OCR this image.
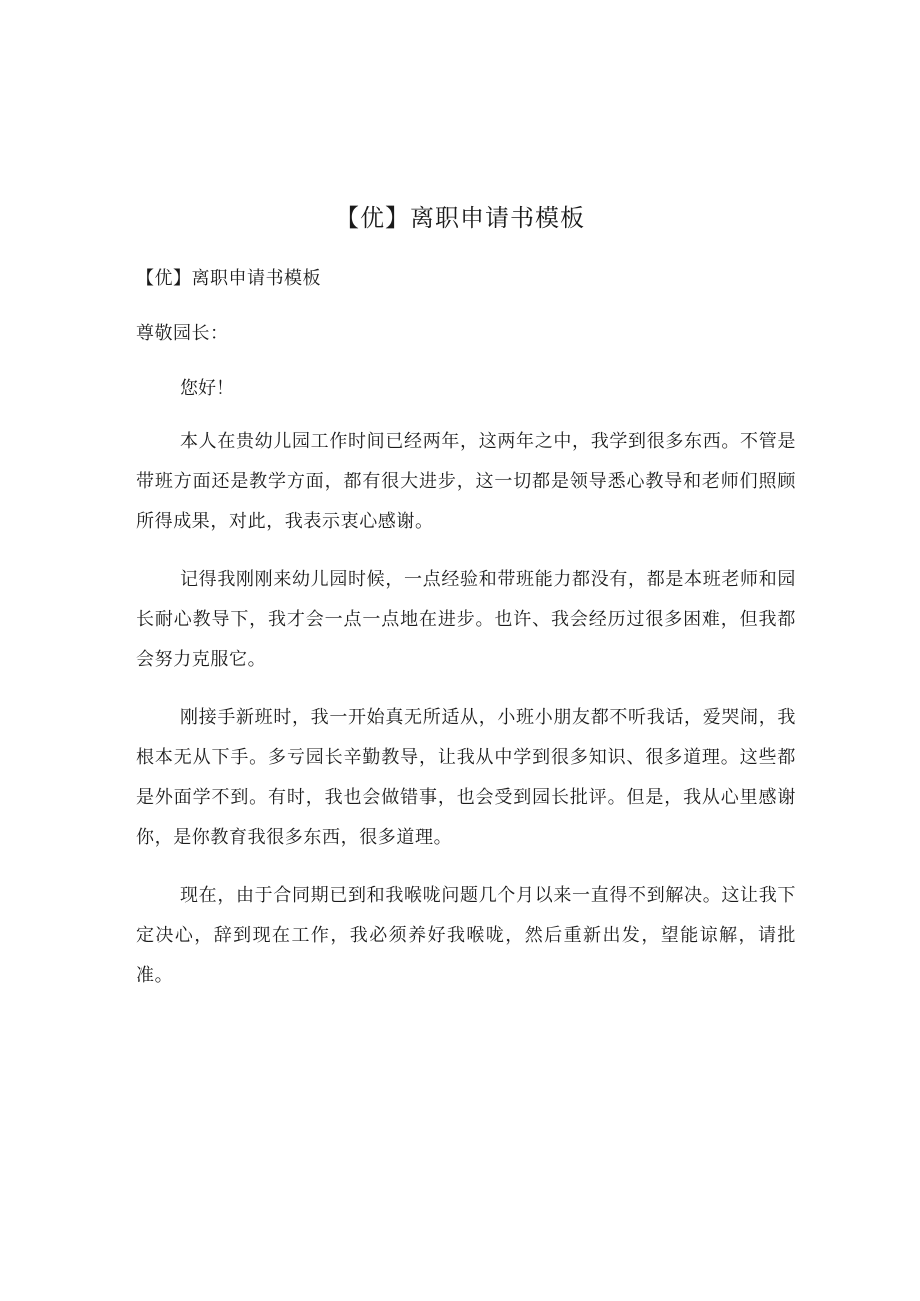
【优】离职申请书模板

【优】离职申请书模板

尊敬园长：

您好！

本人在贵幼儿园工作时间已经两年，这两年之中，我学到很多东西。不管是带班方面还是教学方面，都有很大进步，这一切都是领导悉心教导和老师们照顾所得成果，对此，我表示衷心感谢。

记得我刚刚来幼儿园时候，一点经验和带班能力都没有，都是本班老师和园长耐心教导下，我才会一点一点地在进步。也许、我会经历过很多困难，但我都会努力克服它。

刚接手新班时，我一开始真无所适从，小班小朋友都不听我话，爱哭闹，我根本无从下手。多亏园长辛勤教导，让我从中学到很多知识、很多道理。这些都是外面学不到。有时，我也会做错事，也会受到园长批评。但是，我从心里感谢你，是你教育我很多东西，很多道理。

现在，由于合同期已到和我喉咙问题几个月以来一直得不到解决。这让我下定决心，辞到现在工作，我必须养好我喉咙，然后重新出发，望能谅解，请批准。
